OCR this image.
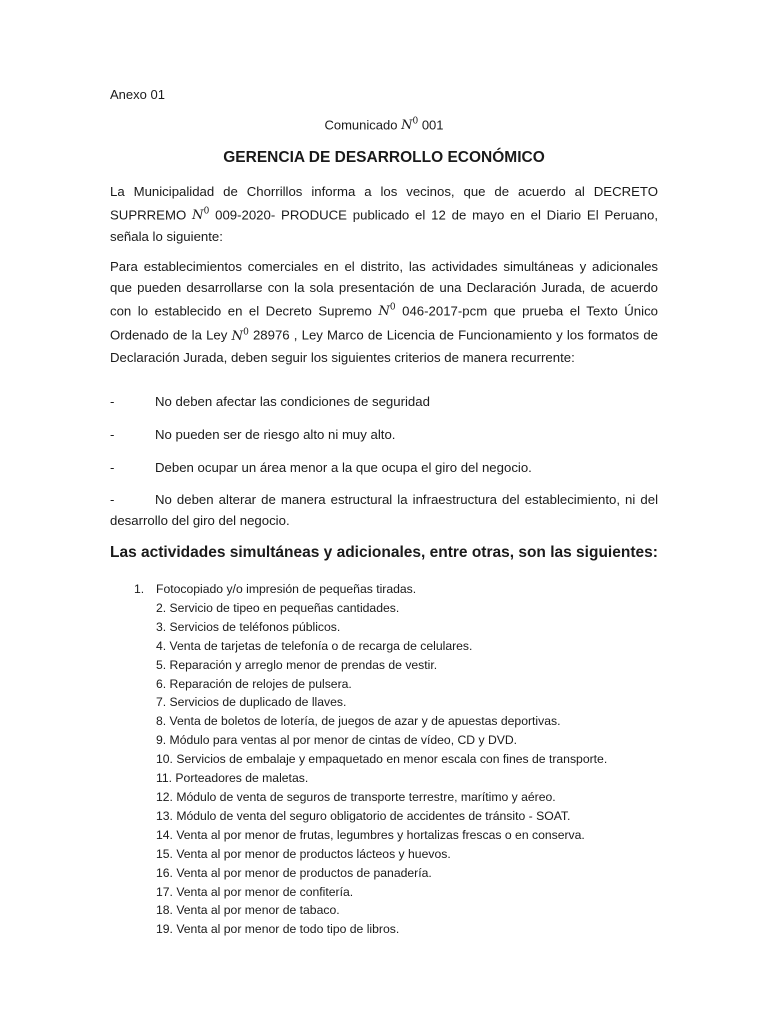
Anexo 01
Comunicado $N^0$ 001
GERENCIA DE DESARROLLO ECONÓMICO
La Municipalidad de Chorrillos informa a los vecinos, que de acuerdo al DECRETO SUPRREMO $N^0$ 009-2020- PRODUCE publicado el 12 de mayo en el Diario El Peruano, señala lo siguiente:
Para establecimientos comerciales en el distrito, las actividades simultáneas y adicionales que pueden desarrollarse con la sola presentación de una Declaración Jurada, de acuerdo con lo establecido en el Decreto Supremo $N^0$ 046-2017-pcm que prueba el Texto Único Ordenado de la Ley $N^0$ 28976 , Ley Marco de Licencia de Funcionamiento y los formatos de Declaración Jurada, deben seguir los siguientes criterios de manera recurrente:
-	No deben afectar las condiciones de seguridad
-	No pueden ser de riesgo alto ni muy alto.
-	Deben ocupar un área menor a la que ocupa el giro del negocio.
-	No deben alterar de manera estructural la infraestructura del establecimiento, ni del desarrollo del giro del negocio.
Las actividades simultáneas y adicionales, entre otras, son las siguientes:
1. Fotocopiado y/o impresión de pequeñas tiradas.
2. Servicio de tipeo en pequeñas cantidades.
3. Servicios de teléfonos públicos.
4. Venta de tarjetas de telefonía o de recarga de celulares.
5. Reparación y arreglo menor de prendas de vestir.
6. Reparación de relojes de pulsera.
7. Servicios de duplicado de llaves.
8. Venta de boletos de lotería, de juegos de azar y de apuestas deportivas.
9. Módulo para ventas al por menor de cintas de vídeo, CD y DVD.
10. Servicios de embalaje y empaquetado en menor escala con fines de transporte.
11. Porteadores de maletas.
12. Módulo de venta de seguros de transporte terrestre, marítimo y aéreo.
13. Módulo de venta del seguro obligatorio de accidentes de tránsito - SOAT.
14. Venta al por menor de frutas, legumbres y hortalizas frescas o en conserva.
15. Venta al por menor de productos lácteos y huevos.
16. Venta al por menor de productos de panadería.
17. Venta al por menor de confitería.
18. Venta al por menor de tabaco.
19. Venta al por menor de todo tipo de libros.
